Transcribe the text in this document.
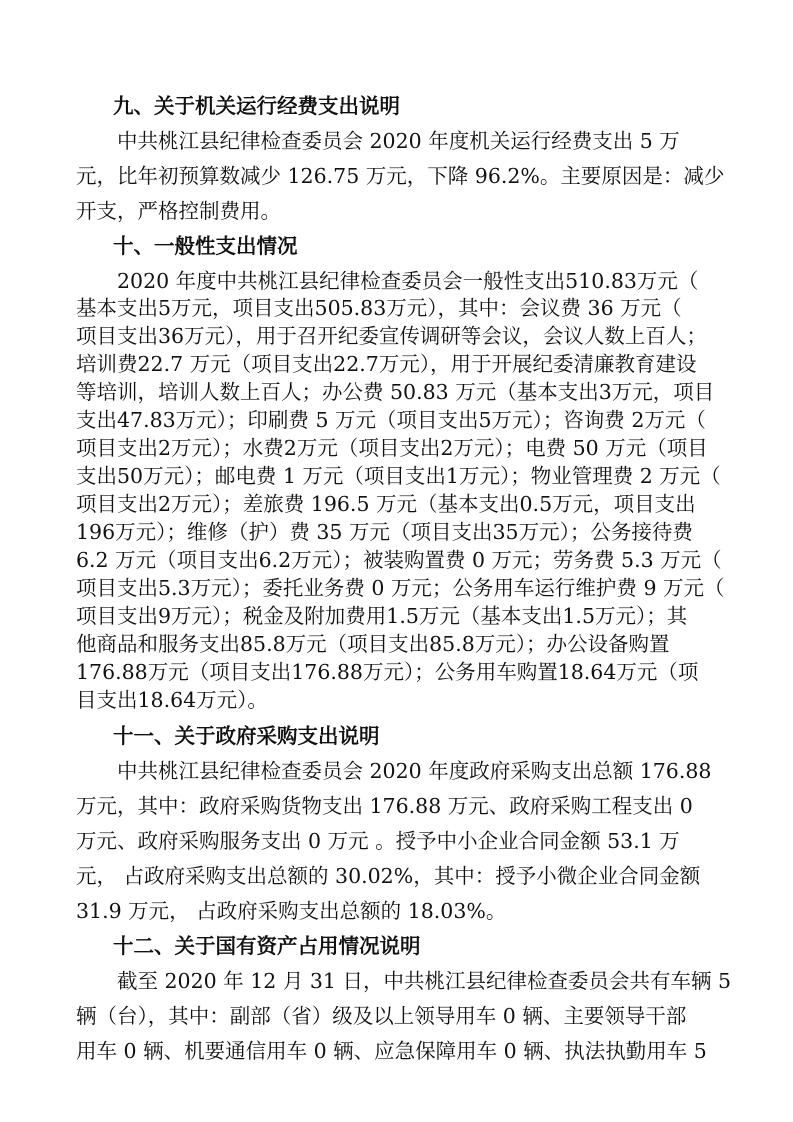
九、关于机关运行经费支出说明
中共桃江县纪律检查委员会 2020 年度机关运行经费支出 5 万
元，比年初预算数减少 126.75 万元，下降 96.2%。主要原因是：减少
开支，严格控制费用。
十、一般性支出情况
2020 年度中共桃江县纪律检查委员会一般性支出510.83万元（
基本支出5万元，项目支出505.83万元），其中：会议费 36 万元（
项目支出36万元），用于召开纪委宣传调研等会议，会议人数上百人；
培训费22.7 万元（项目支出22.7万元），用于开展纪委清廉教育建设
等培训，培训人数上百人；办公费 50.83 万元（基本支出3万元，项目
支出47.83万元）；印刷费 5 万元（项目支出5万元）；咨询费 2万元（
项目支出2万元）；水费2万元（项目支出2万元）；电费 50 万元（项目
支出50万元）；邮电费 1 万元（项目支出1万元）；物业管理费 2 万元（
项目支出2万元）；差旅费 196.5 万元（基本支出0.5万元，项目支出
196万元）；维修（护）费 35 万元（项目支出35万元）；公务接待费
6.2 万元（项目支出6.2万元）；被装购置费 0 万元；劳务费 5.3 万元（
项目支出5.3万元）；委托业务费 0 万元；公务用车运行维护费 9 万元（
项目支出9万元）；税金及附加费用1.5万元（基本支出1.5万元）；其
他商品和服务支出85.8万元（项目支出85.8万元）；办公设备购置
176.88万元（项目支出176.88万元）；公务用车购置18.64万元（项
目支出18.64万元）。
十一、关于政府采购支出说明
中共桃江县纪律检查委员会 2020 年度政府采购支出总额 176.88
万元，其中：政府采购货物支出 176.88 万元、政府采购工程支出 0
万元、政府采购服务支出 0 万元 。授予中小企业合同金额 53.1 万
元， 占政府采购支出总额的 30.02%，其中：授予小微企业合同金额
31.9 万元， 占政府采购支出总额的 18.03%。
十二、关于国有资产占用情况说明
截至 2020 年 12 月 31 日，中共桃江县纪律检查委员会共有车辆 5
辆（台），其中：副部（省）级及以上领导用车 0 辆、主要领导干部
用车 0 辆、机要通信用车 0 辆、应急保障用车 0 辆、执法执勤用车 5
